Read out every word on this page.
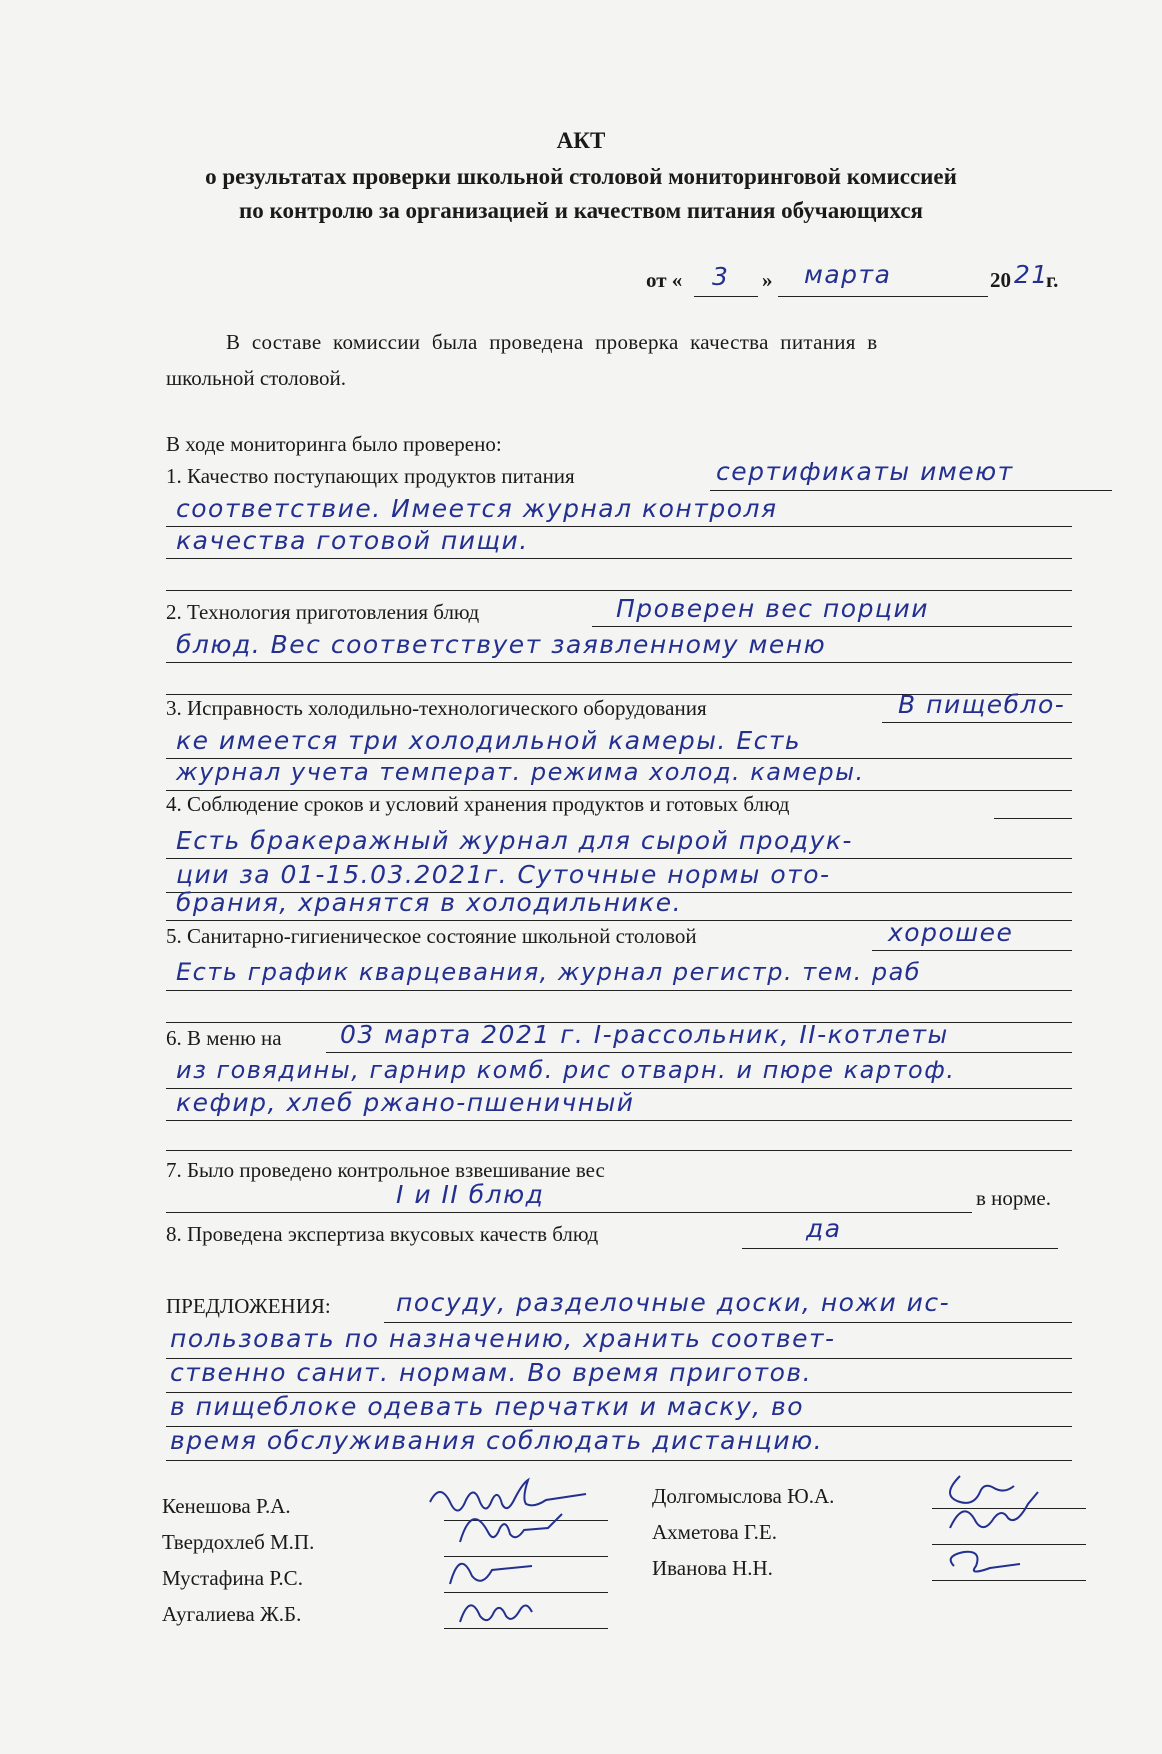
АКТ
о результатах проверки школьной столовой мониторинговой комиссией
по контролю за организацией и качеством питания обучающихся
от « 3 » марта	20 21
г.
В составе комиссии была проведена проверка качества питания в
школьной столовой.
В ходе мониторинга было проверено:
1. Качество поступающих продуктов питания	сертификаты имеют
соответствие. Имеется журнал контроля
качества готовой пищи.
2. Технология приготовления блюд	Проверен вес порции
блюд. Вес соответствует заявленному меню
3. Исправность холодильно-технологического оборудования	В пищебло-
ке имеется три холодильной камеры. Есть
журнал учета температ. режима холод. камеры.
4. Соблюдение сроков и условий хранения продуктов и готовых блюд
Есть бракеражный журнал для сырой продук-
ции за 01-15.03.2021г. Суточные нормы ото-
брания, хранятся в холодильнике.
5. Санитарно-гигиеническое состояние школьной столовой	хорошее
Есть график кварцевания, журнал регистр. тем. раб
6. В меню на 03 марта 2021 г. I-рассольник, II-котлеты
из говядины, гарнир комб. рис отварн. и пюре картоф.
кефир, хлеб ржано-пшеничный
7. Было проведено контрольное взвешивание вес
I и II блюд	в норме.
8. Проведена экспертиза вкусовых качеств блюд	да
ПРЕДЛОЖЕНИЯ:	посуду, разделочные доски, ножи ис-
пользовать по назначению, хранить соответ-
ственно санит. нормам. Во время приготов.
в пищеблоке одевать перчатки и маску, во
время обслуживания соблюдать дистанцию.
Кенешова Р.А.
Твердохлеб М.П.
Мустафина Р.С.
Аугалиева Ж.Б.
Долгомыслова Ю.А.
Ахметова Г.Е.
Иванова Н.Н.
